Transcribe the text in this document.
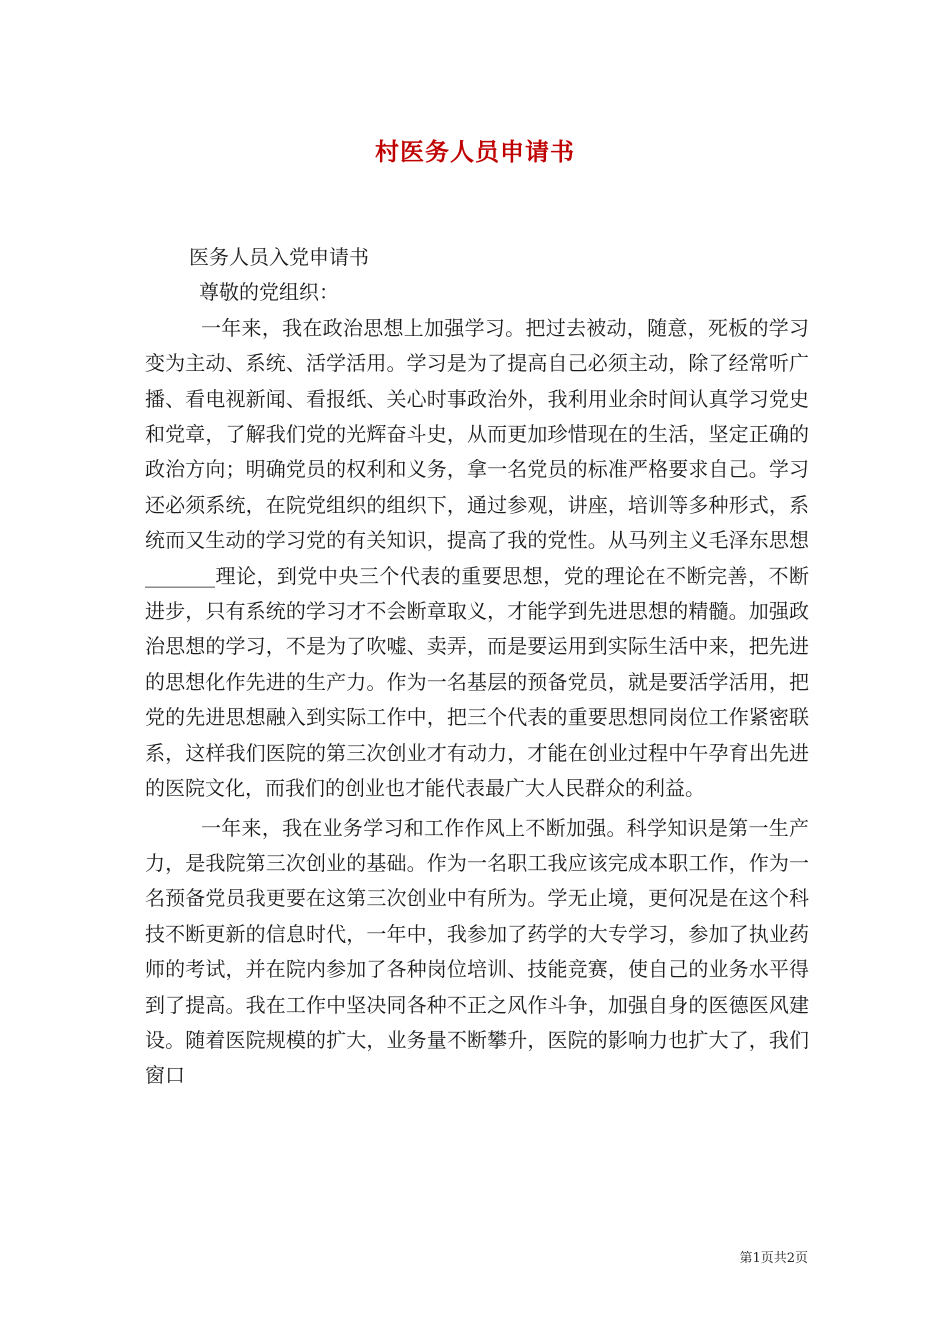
村医务人员申请书

医务人员入党申请书

尊敬的党组织：

一年来，我在政治思想上加强学习。把过去被动，随意，死板的学习变为主动、系统、活学活用。学习是为了提高自己必须主动，除了经常听广播、看电视新闻、看报纸、关心时事政治外，我利用业余时间认真学习党史和党章，了解我们党的光辉奋斗史，从而更加珍惜现在的生活，坚定正确的政治方向；明确党员的权利和义务，拿一名党员的标准严格要求自己。学习还必须系统，在院党组织的组织下，通过参观，讲座，培训等多种形式，系统而又生动的学习党的有关知识，提高了我的党性。从马列主义毛泽东思想_______理论，到党中央三个代表的重要思想，党的理论在不断完善，不断进步，只有系统的学习才不会断章取义，才能学到先进思想的精髓。加强政治思想的学习，不是为了吹嘘、卖弄，而是要运用到实际生活中来，把先进的思想化作先进的生产力。作为一名基层的预备党员，就是要活学活用，把党的先进思想融入到实际工作中，把三个代表的重要思想同岗位工作紧密联系，这样我们医院的第三次创业才有动力，才能在创业过程中午孕育出先进的医院文化，而我们的创业也才能代表最广大人民群众的利益。

一年来，我在业务学习和工作作风上不断加强。科学知识是第一生产力，是我院第三次创业的基础。作为一名职工我应该完成本职工作，作为一名预备党员我更要在这第三次创业中有所为。学无止境，更何况是在这个科技不断更新的信息时代，一年中，我参加了药学的大专学习，参加了执业药师的考试，并在院内参加了各种岗位培训、技能竞赛，使自己的业务水平得到了提高。我在工作中坚决同各种不正之风作斗争，加强自身的医德医风建设。随着医院规模的扩大，业务量不断攀升，医院的影响力也扩大了，我们窗口

第1页共2页
